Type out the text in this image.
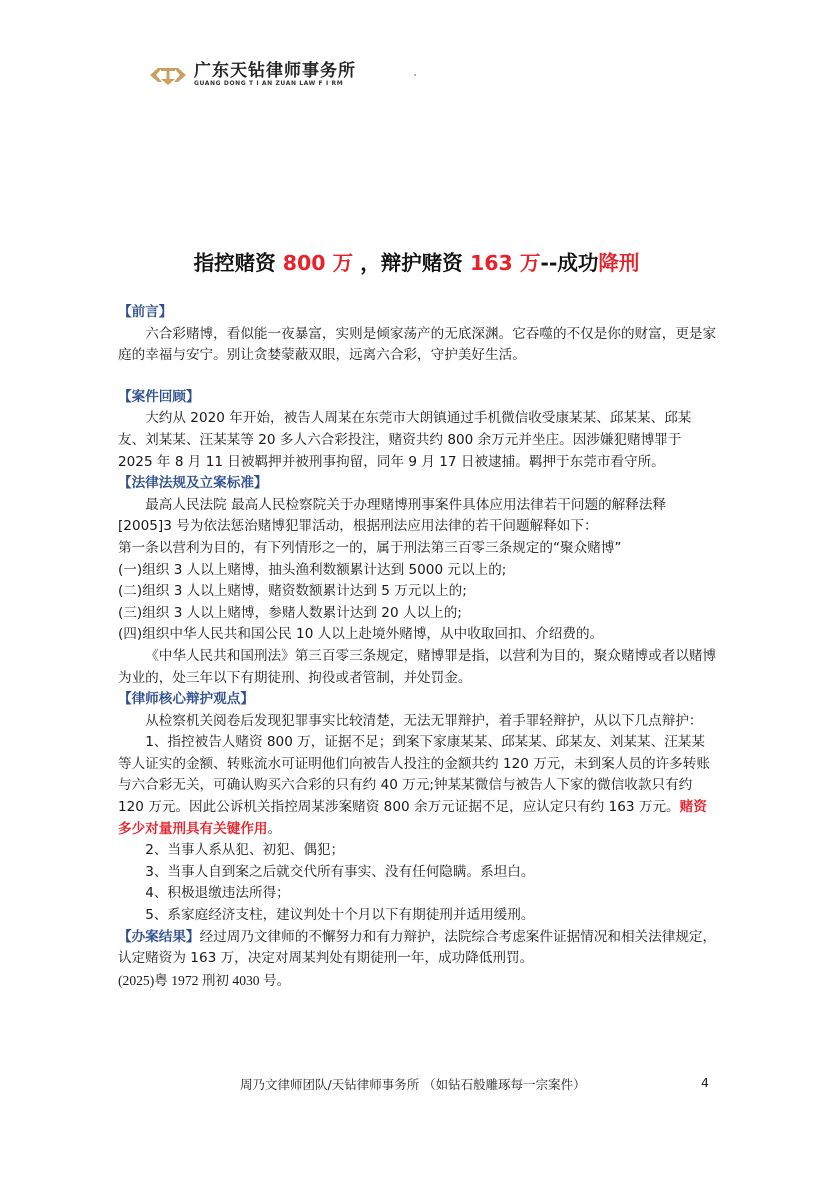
广东天钻律师事务所
GUANG DONG T I AN ZUAN LAW F I RM
指控赌资 800 万 ，辩护赌资 163 万--成功降刑

【前言】

六合彩赌博，看似能一夜暴富，实则是倾家荡产的无底深渊。它吞噬的不仅是你的财富，更是家庭的幸福与安宁。别让贪婪蒙蔽双眼，远离六合彩，守护美好生活。

【案件回顾】

大约从 2020 年开始，被告人周某在东莞市大朗镇通过手机微信收受康某某、邱某某、邱某友、刘某某、汪某某等 20 多人六合彩投注，赌资共约 800 余万元并坐庄。因涉嫌犯赌博罪于 2025 年 8 月 11 日被羁押并被刑事拘留，同年 9 月 17 日被逮捕。羁押于东莞市看守所。

【法律法规及立案标准】

最高人民法院 最高人民检察院关于办理赌博刑事案件具体应用法律若干问题的解释法释[2005]3 号为依法惩治赌博犯罪活动，根据刑法应用法律的若干问题解释如下：

第一条以营利为目的，有下列情形之一的，属于刑法第三百零三条规定的“聚众赌博”

(一)组织 3 人以上赌博，抽头渔利数额累计达到 5000 元以上的;

(二)组织 3 人以上赌博，赌资数额累计达到 5 万元以上的;

(三)组织 3 人以上赌博，参赌人数累计达到 20 人以上的;

(四)组织中华人民共和国公民 10 人以上赴境外赌博，从中收取回扣、介绍费的。

《中华人民共和国刑法》第三百零三条规定，赌博罪是指，以营利为目的，聚众赌博或者以赌博为业的，处三年以下有期徒刑、拘役或者管制，并处罚金。

【律师核心辩护观点】

从检察机关阅卷后发现犯罪事实比较清楚，无法无罪辩护，着手罪轻辩护，从以下几点辩护：

1、指控被告人赌资 800 万，证据不足；到案下家康某某、邱某某、邱某友、刘某某、汪某某等人证实的金额、转账流水可证明他们向被告人投注的金额共约 120 万元，未到案人员的许多转账与六合彩无关，可确认购买六合彩的只有约 40 万元;钟某某微信与被告人下家的微信收款只有约 120 万元。因此公诉机关指控周某涉案赌资 800 余万元证据不足，应认定只有约 163 万元。赌资多少对量刑具有关键作用。

2、当事人系从犯、初犯、偶犯；

3、当事人自到案之后就交代所有事实、没有任何隐瞒。系坦白。

4、积极退缴违法所得；

5、系家庭经济支柱，建议判处十个月以下有期徒刑并适用缓刑。

【办案结果】经过周乃文律师的不懈努力和有力辩护，法院综合考虑案件证据情况和相关法律规定，认定赌资为 163 万，决定对周某判处有期徒刑一年，成功降低刑罚。

(2025)粤 1972 刑初 4030 号。

周乃文律师团队/天钻律师事务所 （如钻石般雕琢每一宗案件）	4
